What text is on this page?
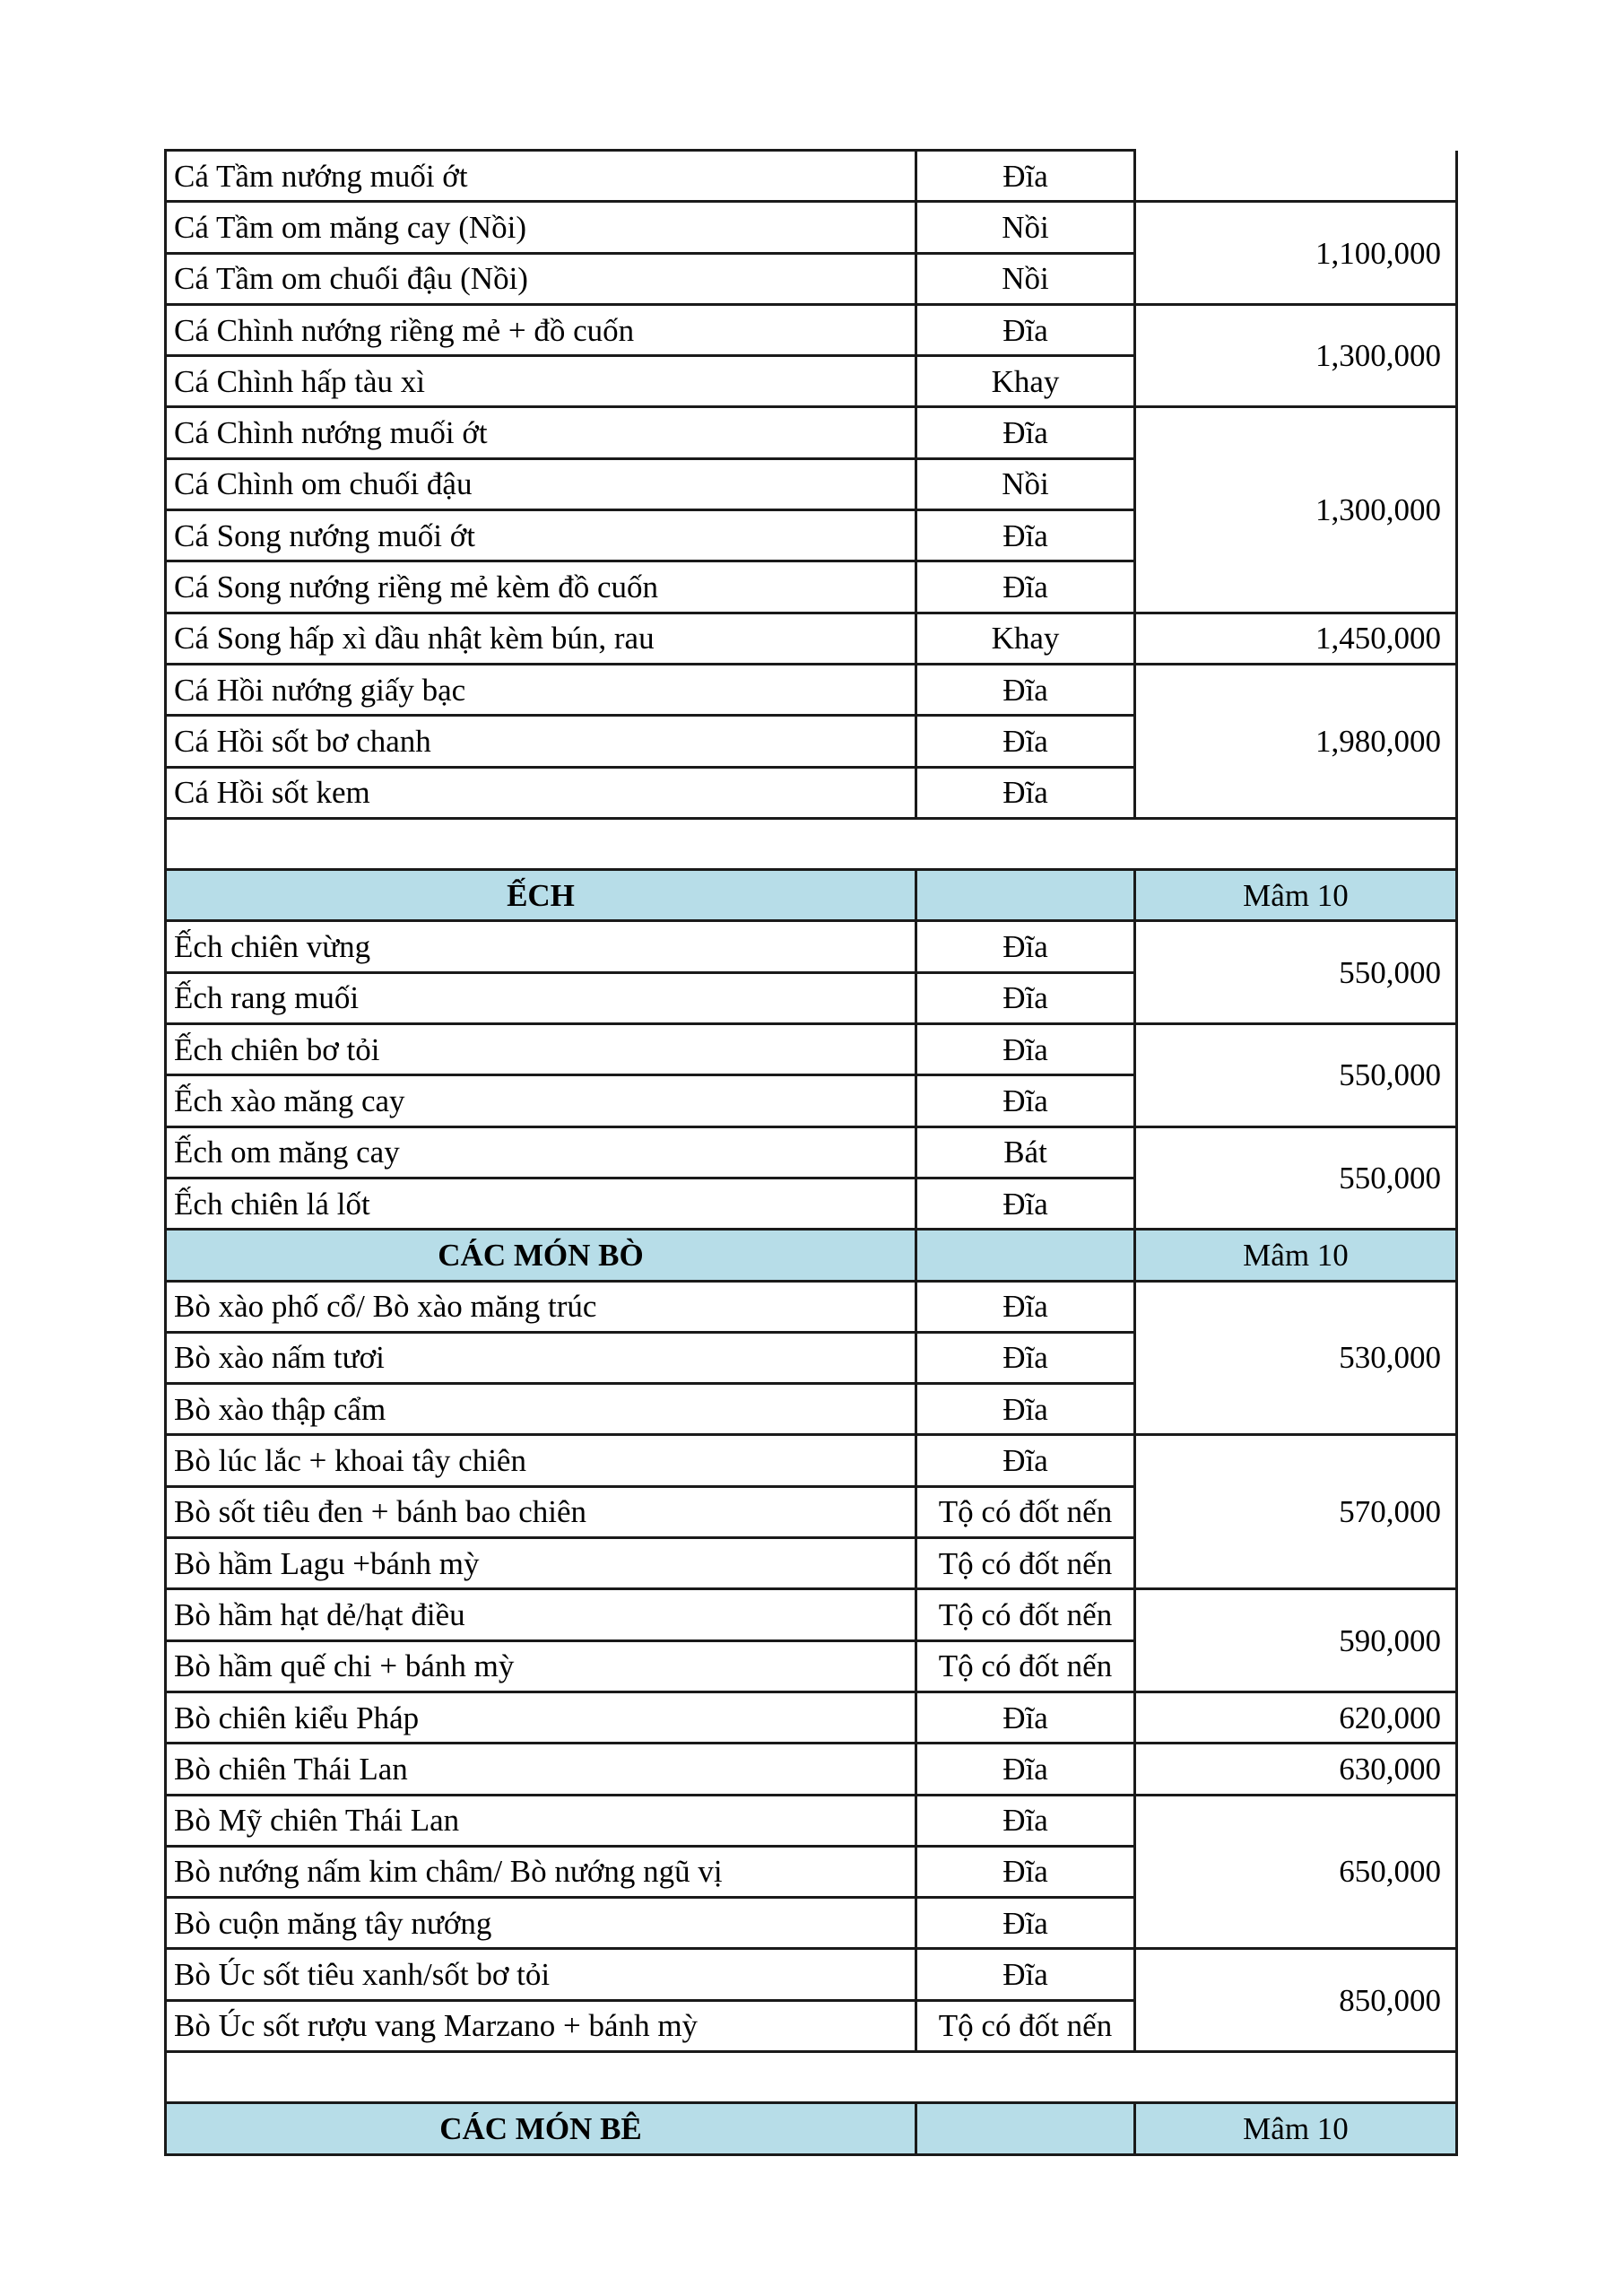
Cá Tầm nướng muối ớt	Đĩa	
Cá Tầm om măng cay (Nồi)	Nồi	1,100,000
Cá Tầm om chuối đậu (Nồi)	Nồi	
Cá Chình nướng riềng mẻ + đồ cuốn	Đĩa	1,300,000
Cá Chình hấp tàu xì	Khay	
Cá Chình nướng muối ớt	Đĩa	1,300,000
Cá Chình om chuối đậu	Nồi	
Cá Song nướng muối ớt	Đĩa	
Cá Song nướng riềng mẻ kèm đồ cuốn	Đĩa	
Cá Song hấp xì dầu nhật kèm bún, rau	Khay	1,450,000
Cá Hồi nướng giấy bạc	Đĩa	1,980,000
Cá Hồi sốt bơ chanh	Đĩa	
Cá Hồi sốt kem	Đĩa	

ẾCH		Mâm 10
Ếch chiên vừng	Đĩa	550,000
Ếch rang muối	Đĩa	
Ếch chiên bơ tỏi	Đĩa	550,000
Ếch xào măng cay	Đĩa	
Ếch om măng cay	Bát	550,000
Ếch chiên lá lốt	Đĩa	
CÁC MÓN BÒ		Mâm 10
Bò xào phố cổ/ Bò xào măng trúc	Đĩa	530,000
Bò xào nấm tươi	Đĩa	
Bò xào thập cẩm	Đĩa	
Bò lúc lắc + khoai tây chiên	Đĩa	570,000
Bò sốt tiêu đen + bánh bao chiên	Tộ có đốt nến	
Bò hầm Lagu +bánh mỳ	Tộ có đốt nến	
Bò hầm hạt dẻ/hạt điều	Tộ có đốt nến	590,000
Bò hầm quế chi + bánh mỳ	Tộ có đốt nến	
Bò chiên kiểu Pháp	Đĩa	620,000
Bò chiên Thái Lan	Đĩa	630,000
Bò Mỹ chiên Thái Lan	Đĩa	650,000
Bò nướng nấm kim châm/ Bò nướng ngũ vị	Đĩa	
Bò cuộn măng tây nướng	Đĩa	
Bò Úc sốt tiêu xanh/sốt bơ tỏi	Đĩa	850,000
Bò Úc sốt rượu vang Marzano + bánh mỳ	Tộ có đốt nến	

CÁC MÓN BÊ		Mâm 10
